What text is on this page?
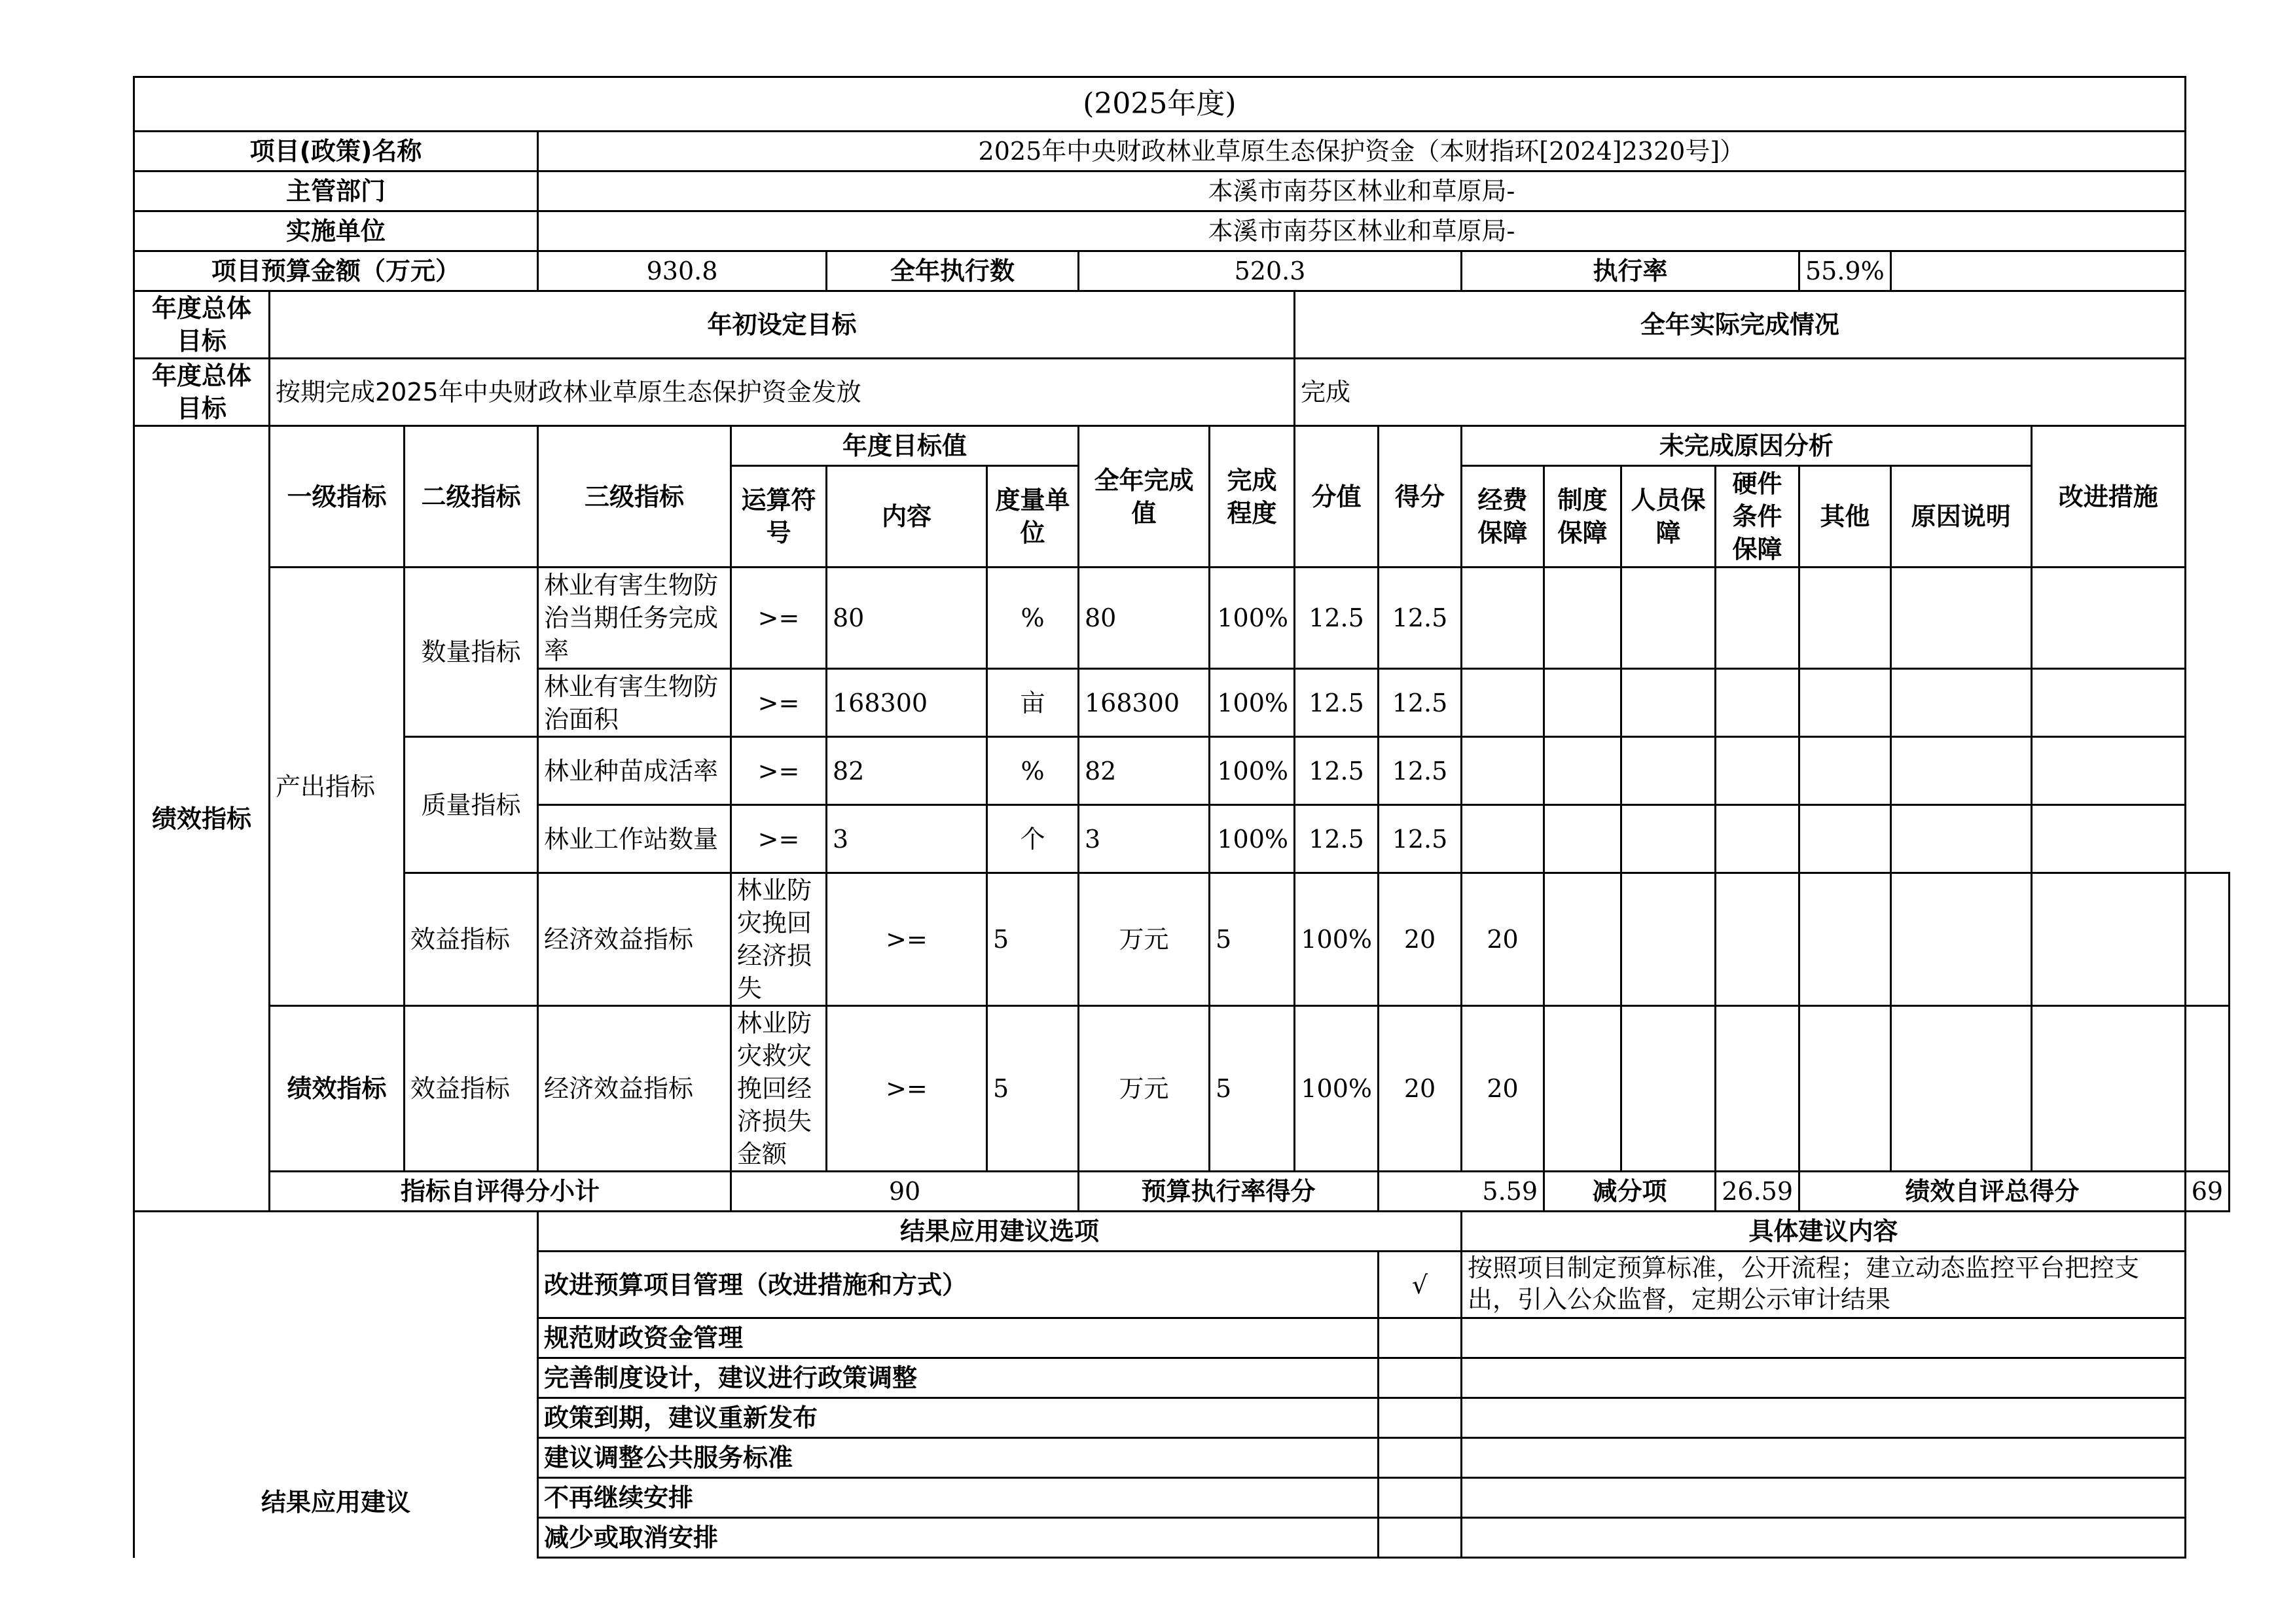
(2025年度)																		
项目(政策)名称			2025年中央财政林业草原生态保护资金（本财指环[2024]2320号]）															
主管部门			本溪市南芬区林业和草原局-															
实施单位			本溪市南芬区林业和草原局-															
项目预算金额（万元）			930.8		全年执行数		520.3				执行率				55.9%			
年度总体目标	年初设定目标								全年实际完成情况									
年度总体目标	按期完成2025年中央财政林业草原生态保护资金发放								完成									
绩效指标	一级指标	二级指标	三级指标	年度目标值			全年完成值	完成程度	分值	得分	未完成原因分析						改进措施	
				运算符号	内容	度量单位					经费保障	制度保障	人员保障	硬件条件保障	其他	原因说明		
	产出指标	数量指标	林业有害生物防治当期任务完成率	>=	80	%	80	100%	12.5	12.5								
			林业有害生物防治面积	>=	168300	亩	168300	100%	12.5	12.5								
		质量指标	林业种苗成活率	>=	82	%	82	100%	12.5	12.5								
			林业工作站数量	>=	3	个	3	100%	12.5	12.5								
		效益指标	经济效益指标	林业防灾挽回经济损失	>=	5	万元	5	100%	20	20							
	绩效指标	效益指标	经济效益指标	林业防灾救灾挽回经济损失金额	>=	5	万元	5	100%	20	20							
	指标自评得分小计			90			预算执行率得分			5.59		减分项		26.59	绩效自评总得分			69
结果应用建议			结果应用建议选项								具体建议内容							
			改进预算项目管理（改进措施和方式）							√	按照项目制定预算标准，公开流程；建立动态监控平台把控支出，引入公众监督，定期公示审计结果							
			规范财政资金管理															
			完善制度设计，建议进行政策调整															
			政策到期，建议重新发布															
			建议调整公共服务标准															
			不再继续安排															
			减少或取消安排															
